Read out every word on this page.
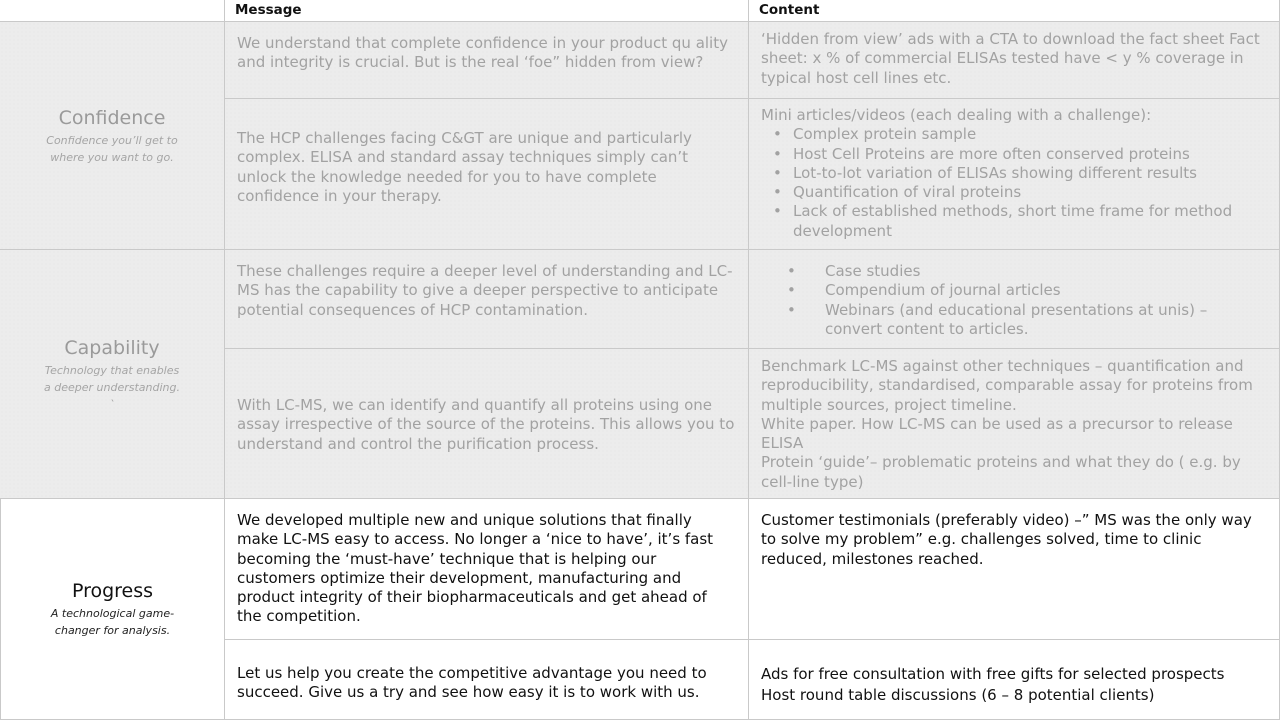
Message	Content
Confidence
Confidence you’ll get to where you want to go.

We understand that complete confidence in your product qu ality and integrity is crucial. But is the real ‘foe” hidden from view?

‘Hidden from view’ ads with a CTA to download the fact sheet Fact sheet: x % of commercial ELISAs tested have < y % coverage in typical host cell lines etc.

The HCP challenges facing C&GT are unique and particularly complex. ELISA and standard assay techniques simply can’t unlock the knowledge needed for you to have complete confidence in your therapy.

Mini articles/videos (each dealing with a challenge):

• Complex protein sample
• Host Cell Proteins are more often conserved proteins
• Lot-to-lot variation of ELISAs showing different results
• Quantification of viral proteins
• Lack of established methods, short time frame for method development
Capability
Technology that enables a deeper understanding. `

These challenges require a deeper level of understanding and LC-MS has the capability to give a deeper perspective to anticipate potential consequences of HCP contamination.

• Case studies
• Compendium of journal articles
• Webinars (and educational presentations at unis) – convert content to articles.

With LC-MS, we can identify and quantify all proteins using one assay irrespective of the source of the proteins. This allows you to understand and control the purification process.

Benchmark LC-MS against other techniques – quantification and reproducibility, standardised, comparable assay for proteins from multiple sources, project timeline.

White paper. How LC-MS can be used as a precursor to release ELISA

Protein ‘guide’– problematic proteins and what they do ( e.g. by cell-line type)

Progress
A technological game-changer for analysis.

We developed multiple new and unique solutions that finally make LC-MS easy to access. No longer a ‘nice to have’, it’s fast becoming the ‘must-have’ technique that is helping our customers optimize their development, manufacturing and product integrity of their biopharmaceuticals and get ahead of the competition.

Customer testimonials (preferably video) –” MS was the only way to solve my problem” e.g. challenges solved, time to clinic reduced, milestones reached.

Let us help you create the competitive advantage you need to succeed. Give us a try and see how easy it is to work with us.

Ads for free consultation with free gifts for selected prospects

Host round table discussions (6 – 8 potential clients)
